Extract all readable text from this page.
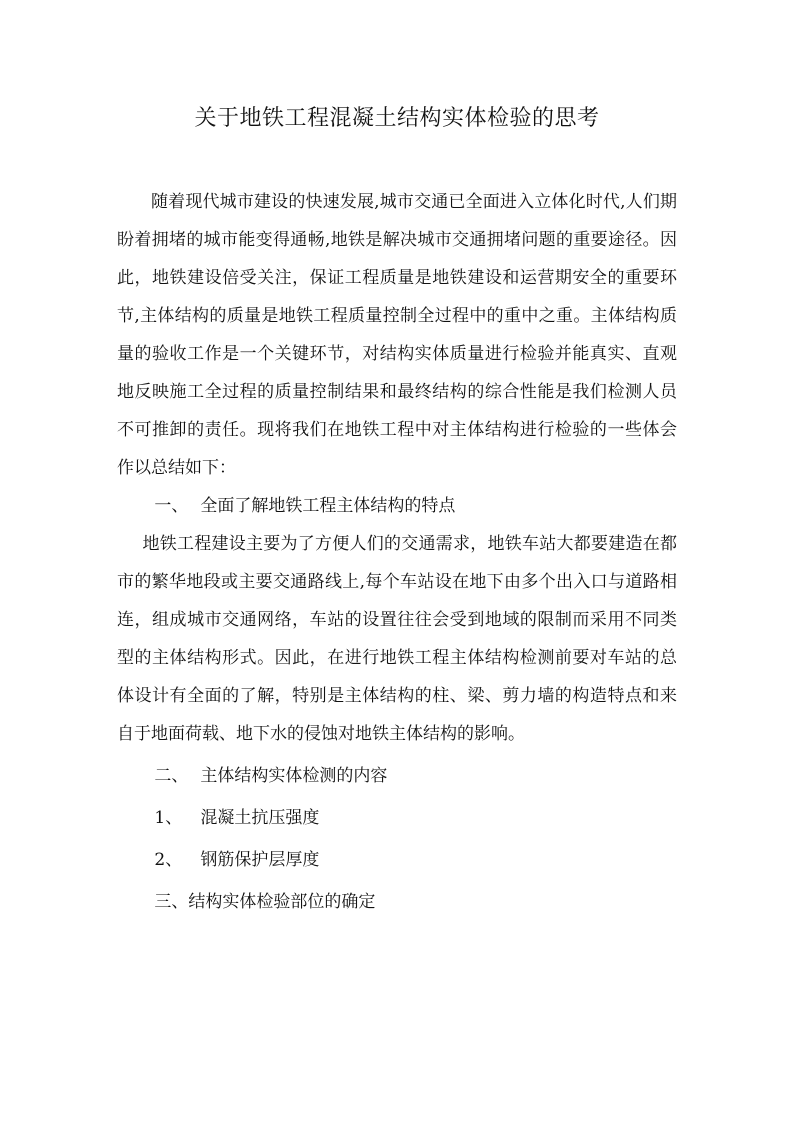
关于地铁工程混凝土结构实体检验的思考

随着现代城市建设的快速发展,城市交通已全面进入立体化时代,人们期盼着拥堵的城市能变得通畅,地铁是解决城市交通拥堵问题的重要途径。因此，地铁建设倍受关注，保证工程质量是地铁建设和运营期安全的重要环节,主体结构的质量是地铁工程质量控制全过程中的重中之重。主体结构质量的验收工作是一个关键环节，对结构实体质量进行检验并能真实、直观地反映施工全过程的质量控制结果和最终结构的综合性能是我们检测人员不可推卸的责任。现将我们在地铁工程中对主体结构进行检验的一些体会作以总结如下：

一、 全面了解地铁工程主体结构的特点

地铁工程建设主要为了方便人们的交通需求，地铁车站大都要建造在都市的繁华地段或主要交通路线上,每个车站设在地下由多个出入口与道路相连，组成城市交通网络，车站的设置往往会受到地域的限制而采用不同类型的主体结构形式。因此，在进行地铁工程主体结构检测前要对车站的总体设计有全面的了解，特别是主体结构的柱、梁、剪力墙的构造特点和来自于地面荷载、地下水的侵蚀对地铁主体结构的影响。

二、 主体结构实体检测的内容

1、 混凝土抗压强度

2、 钢筋保护层厚度

三、结构实体检验部位的确定
